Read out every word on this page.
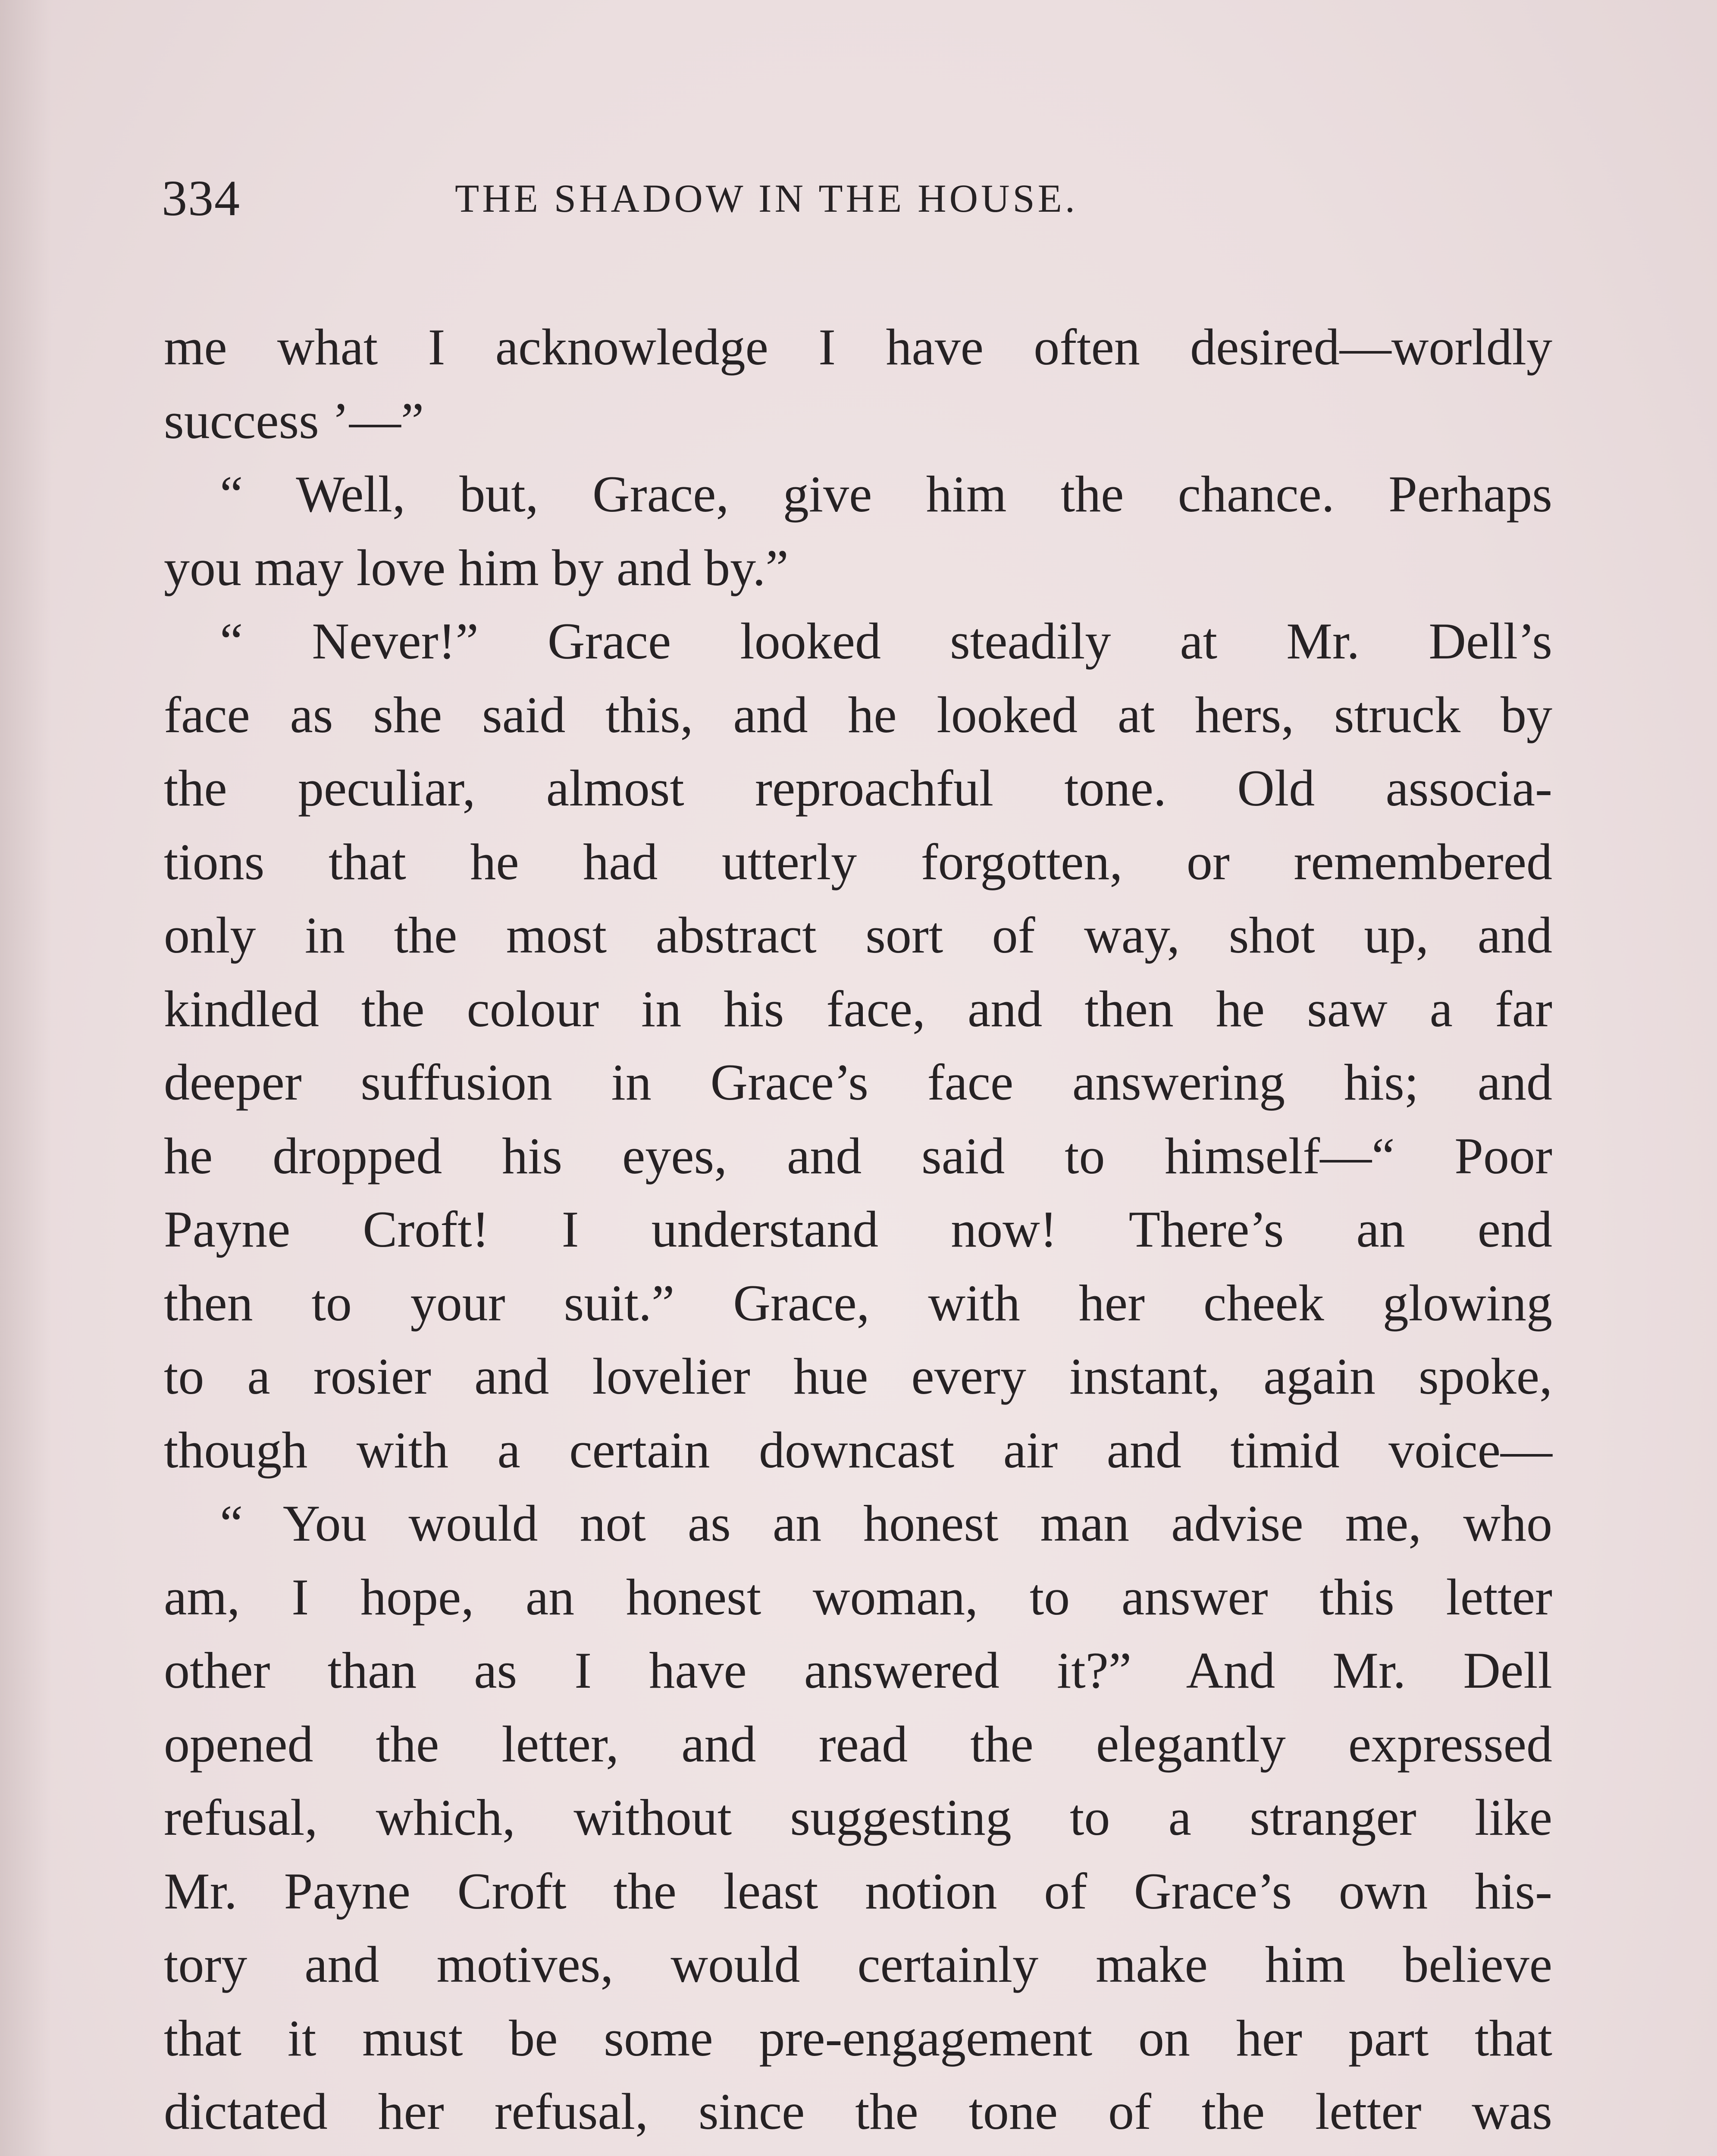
334	THE SHADOW IN THE HOUSE.
me what I acknowledge I have often desired—worldly
success ’—”
“ Well, but, Grace, give him the chance. Perhaps
you may love him by and by.”
“ Never!” Grace looked steadily at Mr. Dell’s
face as she said this, and he looked at hers, struck by
the peculiar, almost reproachful tone. Old associa-
tions that he had utterly forgotten, or remembered
only in the most abstract sort of way, shot up, and
kindled the colour in his face, and then he saw a far
deeper suffusion in Grace’s face answering his; and
he dropped his eyes, and said to himself—“ Poor
Payne Croft! I understand now! There’s an end
then to your suit.” Grace, with her cheek glowing
to a rosier and lovelier hue every instant, again spoke,
though with a certain downcast air and timid voice—
“ You would not as an honest man advise me, who
am, I hope, an honest woman, to answer this letter
other than as I have answered it?” And Mr. Dell
opened the letter, and read the elegantly expressed
refusal, which, without suggesting to a stranger like
Mr. Payne Croft the least notion of Grace’s own his-
tory and motives, would certainly make him believe
that it must be some pre-engagement on her part that
dictated her refusal, since the tone of the letter was
